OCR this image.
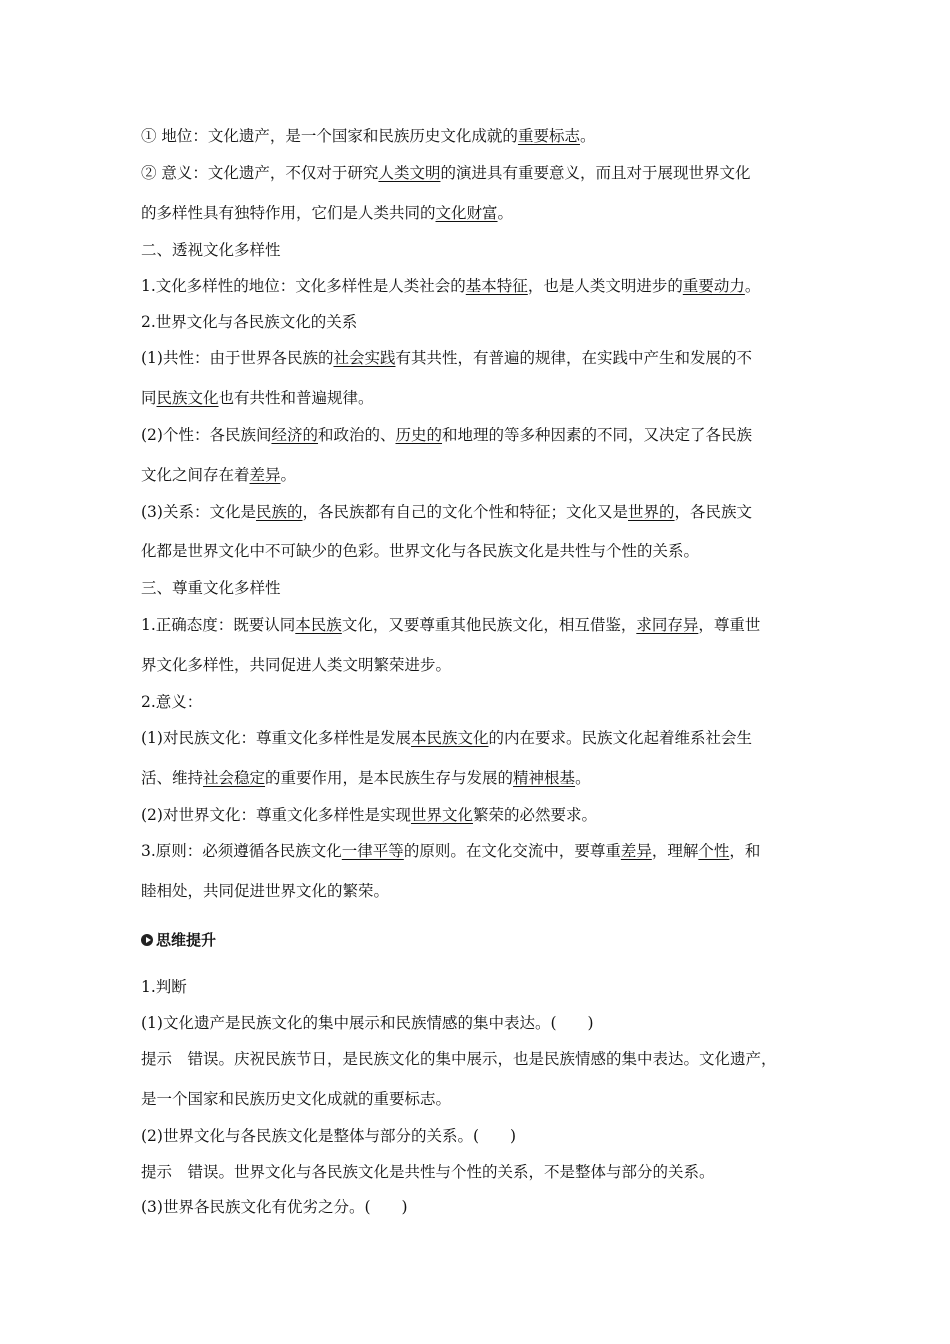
① 地位：文化遗产，是一个国家和民族历史文化成就的重要标志。
② 意义：文化遗产，不仅对于研究人类文明的演进具有重要意义，而且对于展现世界文化
的多样性具有独特作用，它们是人类共同的文化财富。
二、透视文化多样性
1.文化多样性的地位：文化多样性是人类社会的基本特征，也是人类文明进步的重要动力。
2.世界文化与各民族文化的关系
(1)共性：由于世界各民族的社会实践有其共性，有普遍的规律，在实践中产生和发展的不
同民族文化也有共性和普遍规律。
(2)个性：各民族间经济的和政治的、历史的和地理的等多种因素的不同，又决定了各民族
文化之间存在着差异。
(3)关系：文化是民族的，各民族都有自己的文化个性和特征；文化又是世界的，各民族文
化都是世界文化中不可缺少的色彩。世界文化与各民族文化是共性与个性的关系。
三、尊重文化多样性
1.正确态度：既要认同本民族文化，又要尊重其他民族文化，相互借鉴，求同存异，尊重世
界文化多样性，共同促进人类文明繁荣进步。
2.意义：
(1)对民族文化：尊重文化多样性是发展本民族文化的内在要求。民族文化起着维系社会生
活、维持社会稳定的重要作用，是本民族生存与发展的精神根基。
(2)对世界文化：尊重文化多样性是实现世界文化繁荣的必然要求。
3.原则：必须遵循各民族文化一律平等的原则。在文化交流中，要尊重差异，理解个性，和
睦相处，共同促进世界文化的繁荣。
思维提升
1.判断
(1)文化遗产是民族文化的集中展示和民族情感的集中表达。(　　)
提示　错误。庆祝民族节日，是民族文化的集中展示，也是民族情感的集中表达。文化遗产，
是一个国家和民族历史文化成就的重要标志。
(2)世界文化与各民族文化是整体与部分的关系。(　　)
提示　错误。世界文化与各民族文化是共性与个性的关系，不是整体与部分的关系。
(3)世界各民族文化有优劣之分。(　　)
